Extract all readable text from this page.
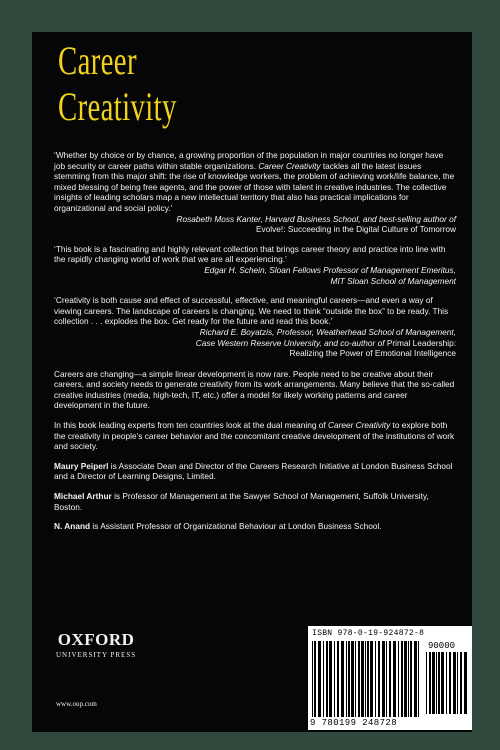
Career
Creativity

‘Whether by choice or by chance, a growing proportion of the population in major countries no longer have job security or career paths within stable organizations. Career Creativity tackles all the latest issues stemming from this major shift: the rise of knowledge workers, the problem of achieving work/life balance, the mixed blessing of being free agents, and the power of those with talent in creative industries. The collective insights of leading scholars map a new intellectual territory that also has practical implications for organizational and social policy.’

Rosabeth Moss Kanter, Harvard Business School, and best-selling author of
Evolve!: Succeeding in the Digital Culture of Tomorrow

‘This book is a fascinating and highly relevant collection that brings career theory and practice into line with the rapidly changing world of work that we are all experiencing.’

Edgar H. Schein, Sloan Fellows Professor of Management Emeritus,
MIT Sloan School of Management

‘Creativity is both cause and effect of successful, effective, and meaningful careers—and even a way of viewing careers. The landscape of careers is changing. We need to think “outside the box” to be ready. This collection . . . explodes the box. Get ready for the future and read this book.’

Richard E. Boyatzis, Professor, Weatherhead School of Management,
Case Western Reserve University, and co-author of Primal Leadership:
Realizing the Power of Emotional Intelligence

Careers are changing—a simple linear development is now rare. People need to be creative about their careers, and society needs to generate creativity from its work arrangements. Many believe that the so-called creative industries (media, high-tech, IT, etc.) offer a model for likely working patterns and career development in the future.

In this book leading experts from ten countries look at the dual meaning of Career Creativity to explore both the creativity in people’s career behavior and the concomitant creative development of the institutions of work and society.

Maury Peiperl is Associate Dean and Director of the Careers Research Initiative at London Business School and a Director of Learning Designs, Limited.

Michael Arthur is Professor of Management at the Sawyer School of Management, Suffolk University, Boston.

N. Anand is Assistant Professor of Organizational Behaviour at London Business School.

OXFORD
UNIVERSITY PRESS
www.oup.com
ISBN 978-0-19-924872-8
90000
9 780199 248728
